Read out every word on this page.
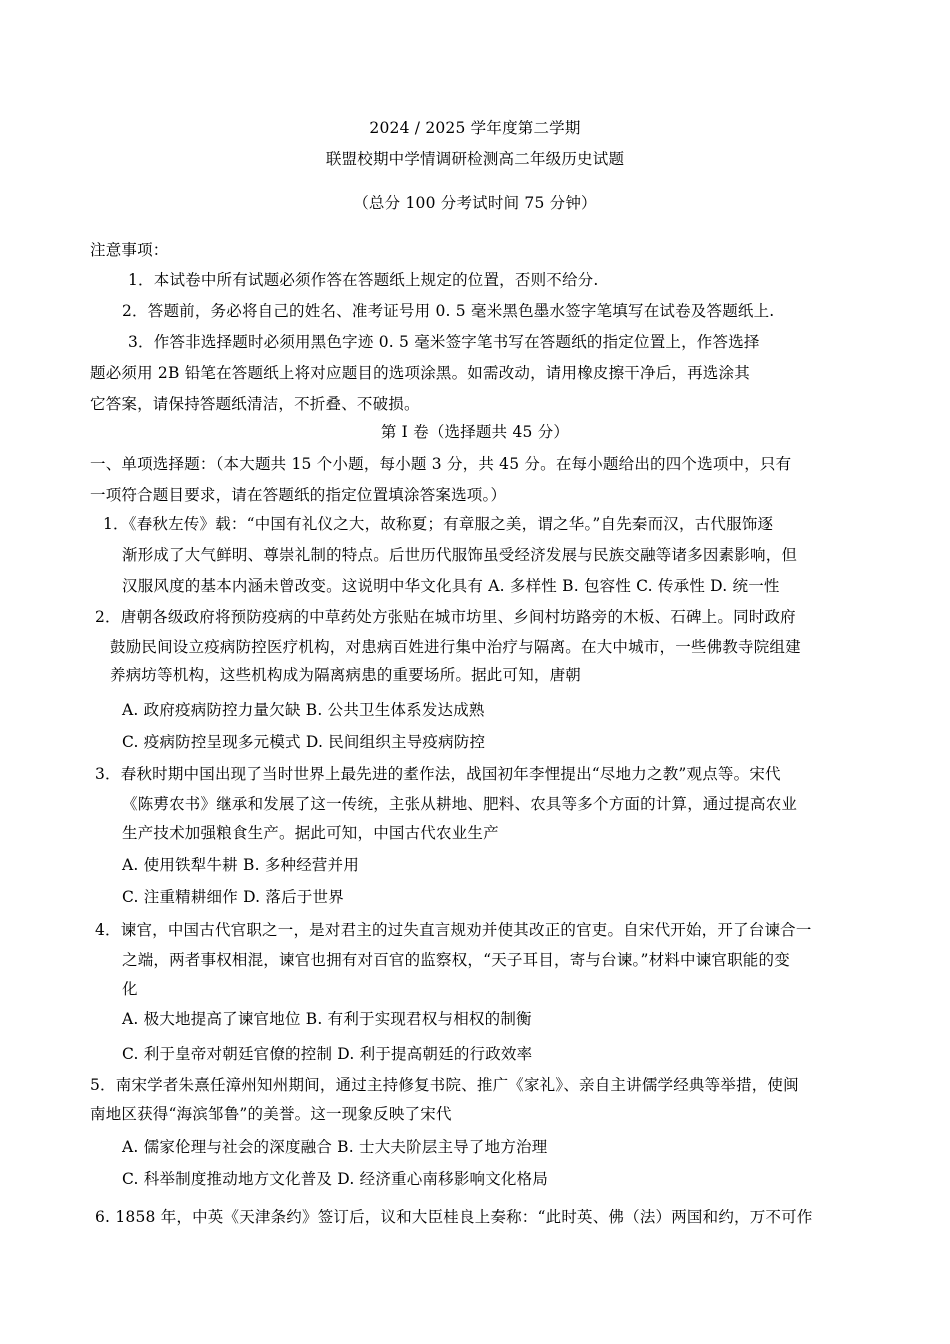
2024 / 2025 学年度第二学期
联盟校期中学情调研检测高二年级历史试题
（总分 100 分考试时间 75 分钟）
注意事项：
1．本试卷中所有试题必须作答在答题纸上规定的位置，否则不给分.
2．答题前，务必将自己的姓名、准考证号用 0. 5 毫米黑色墨水签字笔填写在试卷及答题纸上.
3．作答非选择题时必须用黑色字迹 0. 5 毫米签字笔书写在答题纸的指定位置上，作答选择
题必须用 2B 铅笔在答题纸上将对应题目的选项涂黑。如需改动，请用橡皮擦干净后，再选涂其
它答案，请保持答题纸清洁，不折叠、不破损。
第 I 卷（选择题共 45 分）
一、单项选择题：（本大题共 15 个小题，每小题 3 分，共 45 分。在每小题给出的四个选项中，只有
一项符合题目要求，请在答题纸的指定位置填涂答案选项。）
1．《春秋左传》载：“中国有礼仪之大，故称夏；有章服之美，谓之华。”自先秦而汉，古代服饰逐
渐形成了大气鲜明、尊崇礼制的特点。后世历代服饰虽受经济发展与民族交融等诸多因素影响，但
汉服风度的基本内涵未曾改变。这说明中华文化具有 A. 多样性 B. 包容性 C. 传承性 D. 统一性
2．唐朝各级政府将预防疫病的中草药处方张贴在城市坊里、乡间村坊路旁的木板、石碑上。同时政府
鼓励民间设立疫病防控医疗机构，对患病百姓进行集中治疗与隔离。在大中城市，一些佛教寺院组建
养病坊等机构，这些机构成为隔离病患的重要场所。据此可知，唐朝
A. 政府疫病防控力量欠缺 B. 公共卫生体系发达成熟
C. 疫病防控呈现多元模式 D. 民间组织主导疫病防控
3．春秋时期中国出现了当时世界上最先进的耊作法，战国初年李悝提出“尽地力之教”观点等。宋代
《陈旉农书》继承和发展了这一传统，主张从耕地、肥料、农具等多个方面的计算，通过提高农业
生产技术加强粮食生产。据此可知，中国古代农业生产
A. 使用铁犁牛耕 B. 多种经营并用
C. 注重精耕细作 D. 落后于世界
4．谏官，中国古代官职之一，是对君主的过失直言规劝并使其改正的官吏。自宋代开始，开了台谏合一
之端，两者事权相混，谏官也拥有对百官的监察权，“天子耳目，寄与台谏。”材料中谏官职能的变
化
A. 极大地提高了谏官地位 B. 有利于实现君权与相权的制衡
C. 利于皇帝对朝廷官僚的控制 D. 利于提高朝廷的行政效率
5．南宋学者朱熹任漳州知州期间，通过主持修复书院、推广《家礼》、亲自主讲儒学经典等举措，使闽
南地区获得“海滨邹鲁”的美誉。这一现象反映了宋代
A. 儒家伦理与社会的深度融合 B. 士大夫阶层主导了地方治理
C. 科举制度推动地方文化普及 D. 经济重心南移影响文化格局
6. 1858 年，中英《天津条约》签订后，议和大臣桂良上奏称：“此时英、佛（法）两国和约，万不可作
